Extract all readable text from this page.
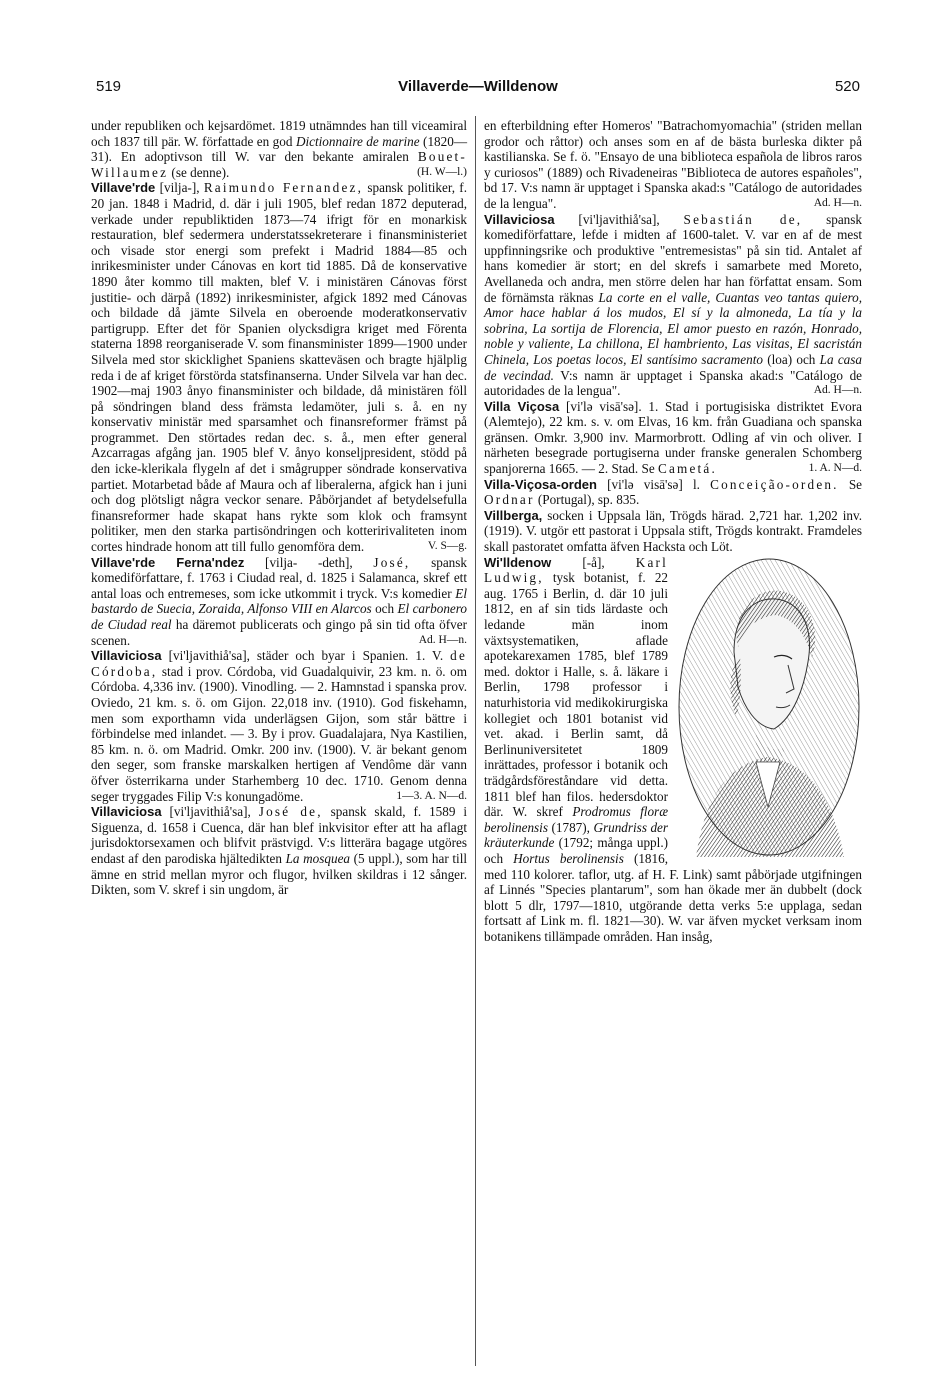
519	Villaverde—Willdenow	520

under republiken och kejsardömet. 1819 utnämndes han till viceamiral och 1837 till pär. W. författade en god Dictionnaire de marine (1820—31). En adoptivson till W. var den bekante amiralen Bouet-Willaumez (se denne).	(H. W—l.)

Villave'rde [vilja-], Raimundo Fernandez, spansk politiker, f. 20 jan. 1848 i Madrid, d. där i juli 1905, blef redan 1872 deputerad, verkade under republiktiden 1873—74 ifrigt för en monarkisk restauration, blef sedermera understatssekreterare i finansministeriet och visade stor energi som prefekt i Madrid 1884—85 och inrikesminister under Cánovas en kort tid 1885. Då de konservative 1890 åter kommo till makten, blef V. i ministären Cánovas först justitie- och därpå (1892) inrikesminister, afgick 1892 med Cánovas och bildade då jämte Silvela en oberoende moderatkonservativ partigrupp. Efter det för Spanien olycksdigra kriget med Förenta staterna 1898 reorganiserade V. som finansminister 1899—1900 under Silvela med stor skicklighet Spaniens skatteväsen och bragte hjälplig reda i de af kriget förstörda statsfinanserna. Under Silvela var han dec. 1902—maj 1903 ånyo finansminister och bildade, då ministären föll på söndringen bland dess främsta ledamöter, juli s. å. en ny konservativ ministär med sparsamhet och finansreformer främst på programmet. Den störtades redan dec. s. å., men efter general Azcarragas afgång jan. 1905 blef V. ånyo konseljpresident, stödd på den icke-klerikala flygeln af det i smågrupper söndrade konservativa partiet. Motarbetad både af Maura och af liberalerna, afgick han i juni och dog plötsligt några veckor senare. Påbörjandet af betydelsefulla finansreformer hade skapat hans rykte som klok och framsynt politiker, men den starka partisöndringen och kotteririvaliteten inom cortes hindrade honom att till fullo genomföra dem.	V. S—g.

Villave'rde Ferna'ndez [vilja- -deth], José, spansk komediförfattare, f. 1763 i Ciudad real, d. 1825 i Salamanca, skref ett antal loas och entremeses, som icke utkommit i tryck. V:s komedier El bastardo de Suecia, Zoraida, Alfonso VIII en Alarcos och El carbonero de Ciudad real ha däremot publicerats och gingo på sin tid ofta öfver scenen.	Ad. H—n.

Villaviciosa [vi'ljavithiå'sa], städer och byar i Spanien. 1. V. de Córdoba, stad i prov. Córdoba, vid Guadalquivir, 23 km. n. ö. om Córdoba. 4,336 inv. (1900). Vinodling. — 2. Hamnstad i spanska prov. Oviedo, 21 km. s. ö. om Gijon. 22,018 inv. (1910). God fiskehamn, men som exporthamn vida underlägsen Gijon, som står bättre i förbindelse med inlandet. — 3. By i prov. Guadalajara, Nya Kastilien, 85 km. n. ö. om Madrid. Omkr. 200 inv. (1900). V. är bekant genom den seger, som franske marskalken hertigen af Vendôme där vann öfver österrikarna under Starhemberg 10 dec. 1710. Genom denna seger tryggades Filip V:s konungadöme.	1—3. A. N—d.

Villaviciosa [vi'ljavithiå'sa], José de, spansk skald, f. 1589 i Siguenza, d. 1658 i Cuenca, där han blef inkvisitor efter att ha aflagt jurisdoktorsexamen och blifvit prästvigd. V:s litterära bagage utgöres endast af den parodiska hjältedikten La mosquea (5 uppl.), som har till ämne en strid mellan myror och flugor, hvilken skildras i 12 sånger. Dikten, som V. skref i sin ungdom, är

en efterbildning efter Homeros' "Batrachomyomachia" (striden mellan grodor och råttor) och anses som en af de bästa burleska dikter på kastilianska. Se f. ö. "Ensayo de una biblioteca española de libros raros y curiosos" (1889) och Rivadeneiras "Biblioteca de autores españoles", bd 17. V:s namn är upptaget i Spanska akad:s "Catálogo de autoridades de la lengua".	Ad. H—n.

Villaviciosa [vi'ljavithiå'sa], Sebastián de, spansk komediförfattare, lefde i midten af 1600-talet. V. var en af de mest uppfinningsrike och produktive "entremesistas" på sin tid. Antalet af hans komedier är stort; en del skrefs i samarbete med Moreto, Avellaneda och andra, men större delen har han författat ensam. Som de förnämsta räknas La corte en el valle, Cuantas veo tantas quiero, Amor hace hablar á los mudos, El sí y la almoneda, La tía y la sobrina, La sortija de Florencia, El amor puesto en razón, Honrado, noble y valiente, La chillona, El hambriento, Las visitas, El sacristán Chinela, Los poetas locos, El santísimo sacramento (loa) och La casa de vecindad. V:s namn är upptaget i Spanska akad:s "Catálogo de autoridades de la lengua".	Ad. H—n.

Villa Viçosa [vi'lə visā'sə]. 1. Stad i portugisiska distriktet Evora (Alemtejo), 22 km. s. v. om Elvas, 16 km. från Guadiana och spanska gränsen. Omkr. 3,900 inv. Marmorbrott. Odling af vin och oliver. I närheten besegrade portugiserna under franske generalen Schomberg spanjorerna 1665. — 2. Stad. Se Cametá.	1. A. N—d.

Villa-Viçosa-orden [vi'lə visā'sə] l. Conceição-orden. Se Ordnar (Portugal), sp. 835.

Villberga, socken i Uppsala län, Trögds härad. 2,721 har. 1,202 inv. (1919). V. utgör ett pastorat i Uppsala stift, Trögds kontrakt. Framdeles skall pastoratet omfatta äfven Hacksta och Löt.

Wi'lldenow [-å], Karl Ludwig, tysk botanist, f. 22 aug. 1765 i Berlin, d. där 10 juli 1812, en af sin tids lärdaste och ledande män inom växtsystematiken, aflade apotekarexamen 1785, blef 1789 med. doktor i Halle, s. å. läkare i Berlin, 1798 professor i naturhistoria vid medikokirurgiska kollegiet och 1801 botanist vid vet. akad. i Berlin samt, då Berlinuniversitetet 1809 inrättades, professor i botanik och trädgårdsföreståndare vid detta. 1811 blef han filos. hedersdoktor där. W. skref Prodromus floræ berolinensis (1787), Grundriss der kräuterkunde (1792; många uppl.) och Hortus berolinensis (1816, med 110 kolorer. taflor, utg. af H. F. Link) samt påbörjade utgifningen af Linnés "Species plantarum", som han ökade mer än dubbelt (dock blott 5 dlr, 1797—1810, utgörande detta verks 5:e upplaga, sedan fortsatt af Link m. fl. 1821—30). W. var äfven mycket verksam inom botanikens tillämpade områden. Han insåg,
